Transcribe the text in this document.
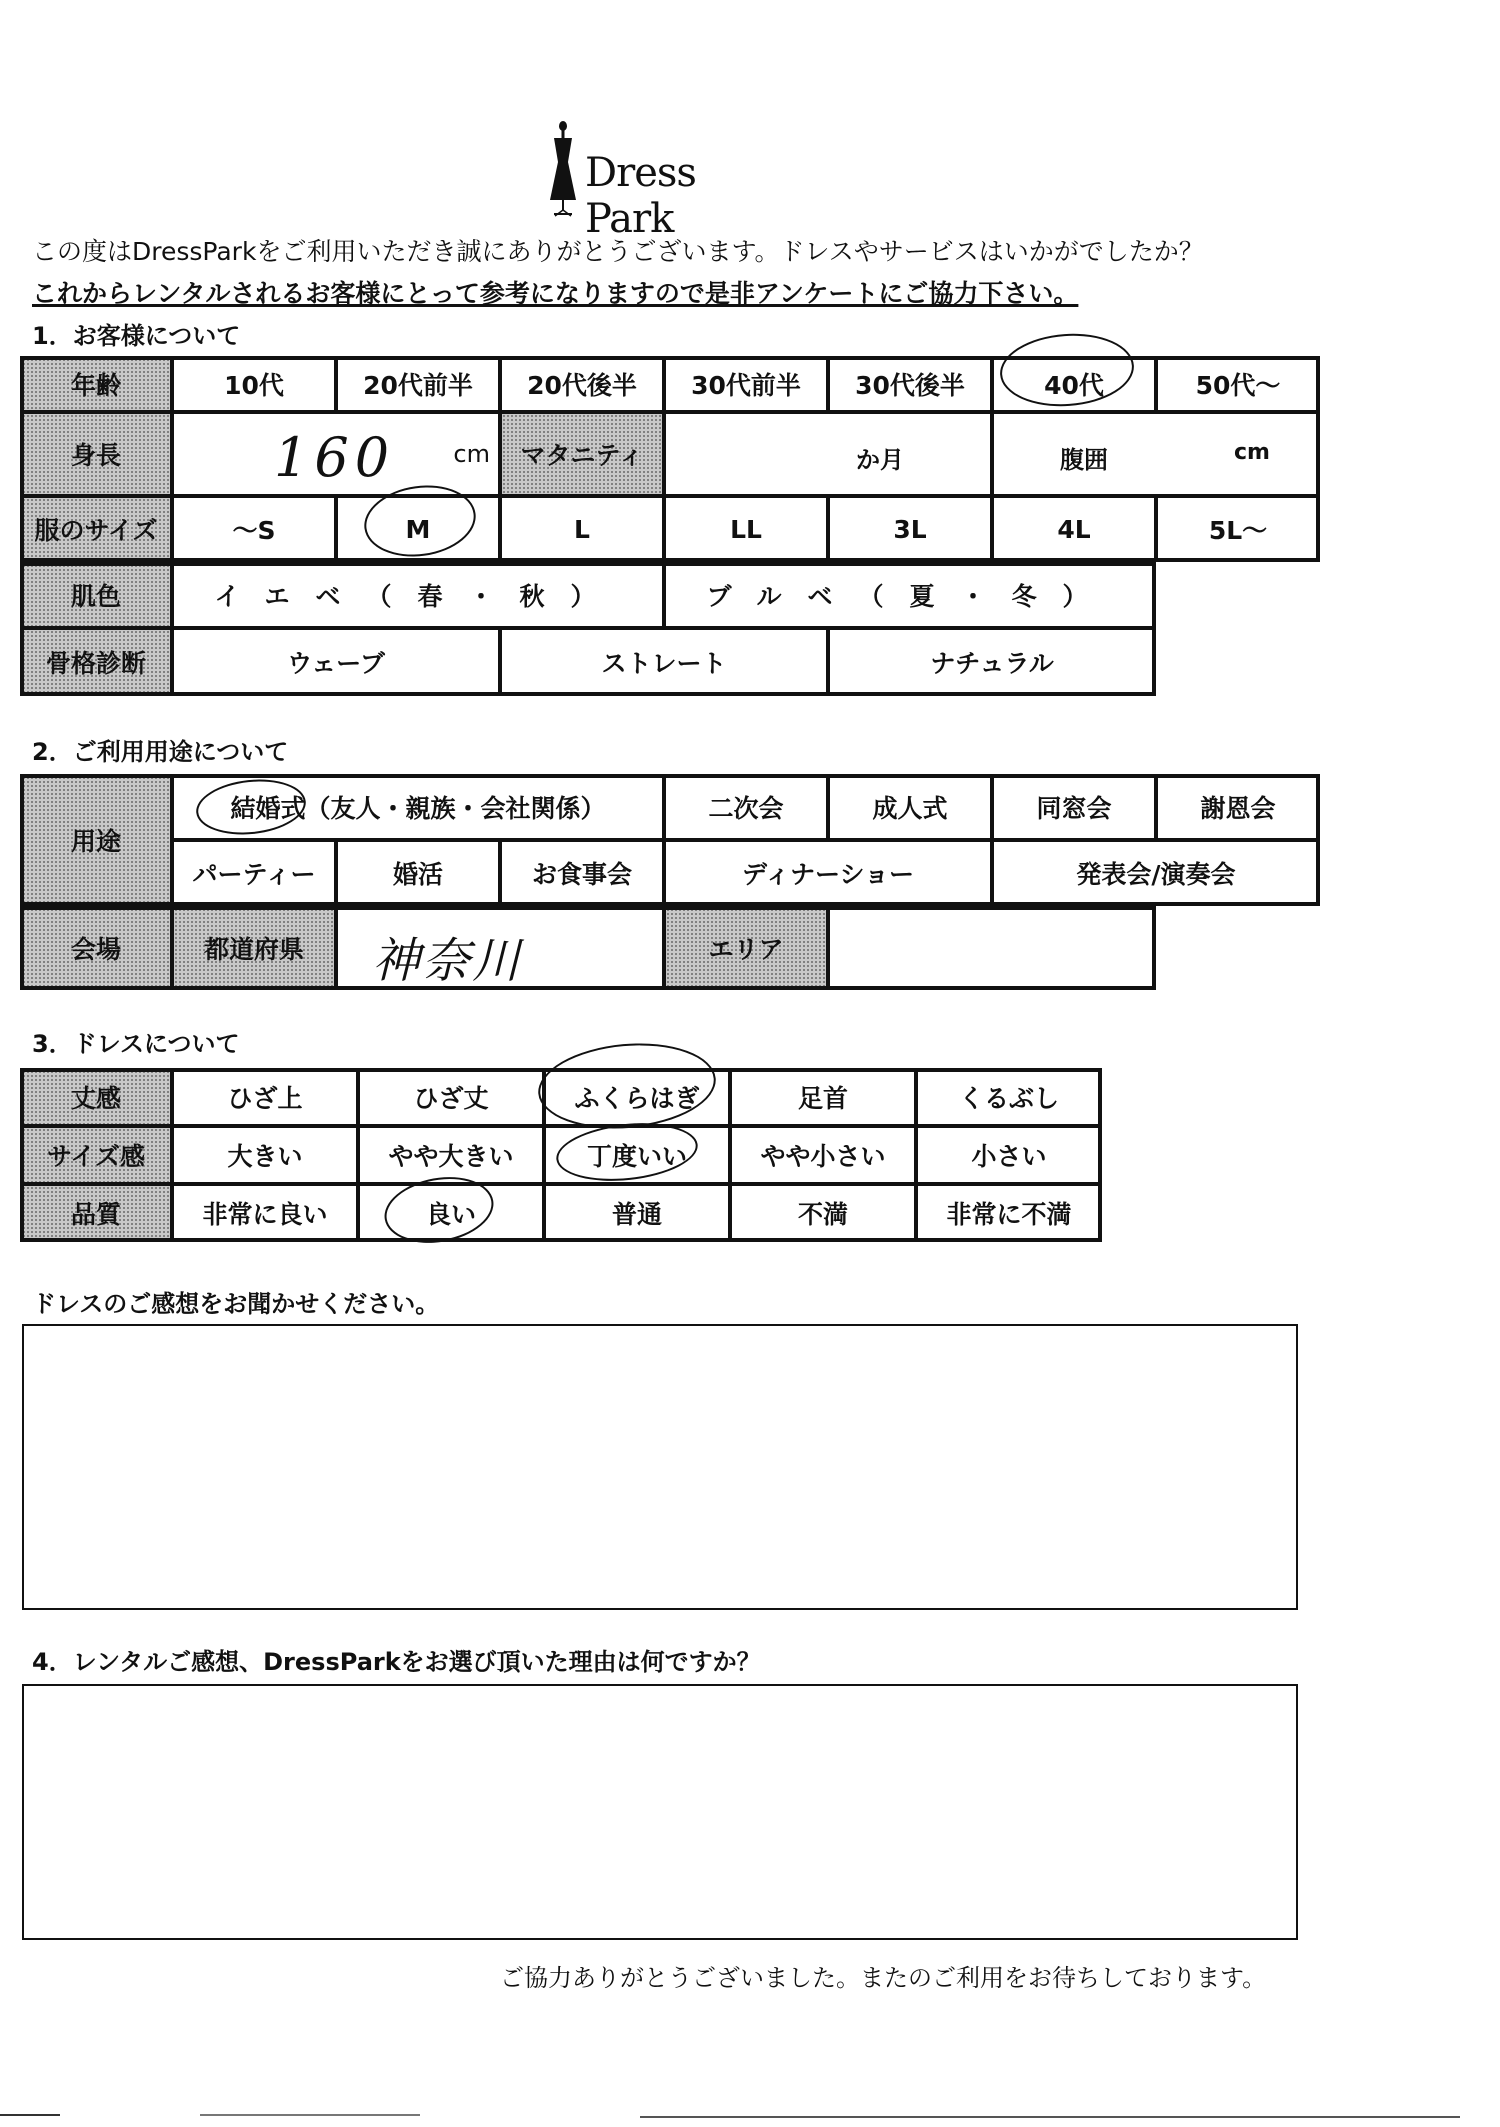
Dress Park
この度はDressParkをご利用いただき誠にありがとうございます。ドレスやサービスはいかがでしたか？
これからレンタルされるお客様にとって参考になりますので是非アンケートにご協力下さい。
1．お客様について
年齢	10代	20代前半	20代後半	30代前半	30代後半	40代	50代～
身長	160 cm	マタニティ	か月	腹囲	cm
服のサイズ	～S	M	L	LL	3L	4L	5L～
肌色	イエベ（春・秋）	ブルベ（夏・冬）
骨格診断	ウェーブ	ストレート	ナチュラル
2．ご利用用途について
用途
結婚式（友人・親族・会社関係）	二次会	成人式	同窓会	謝恩会
パーティー	婚活	お食事会	ディナーショー	発表会/演奏会
会場	都道府県	神奈川	エリア
3．ドレスについて
丈感	ひざ上	ひざ丈	ふくらはぎ	足首	くるぶし
サイズ感	大きい	やや大きい	丁度いい	やや小さい	小さい
品質	非常に良い	良い	普通	不満	非常に不満
ドレスのご感想をお聞かせください。
4．レンタルご感想、DressParkをお選び頂いた理由は何ですか？
ご協力ありがとうございました。またのご利用をお待ちしております。
